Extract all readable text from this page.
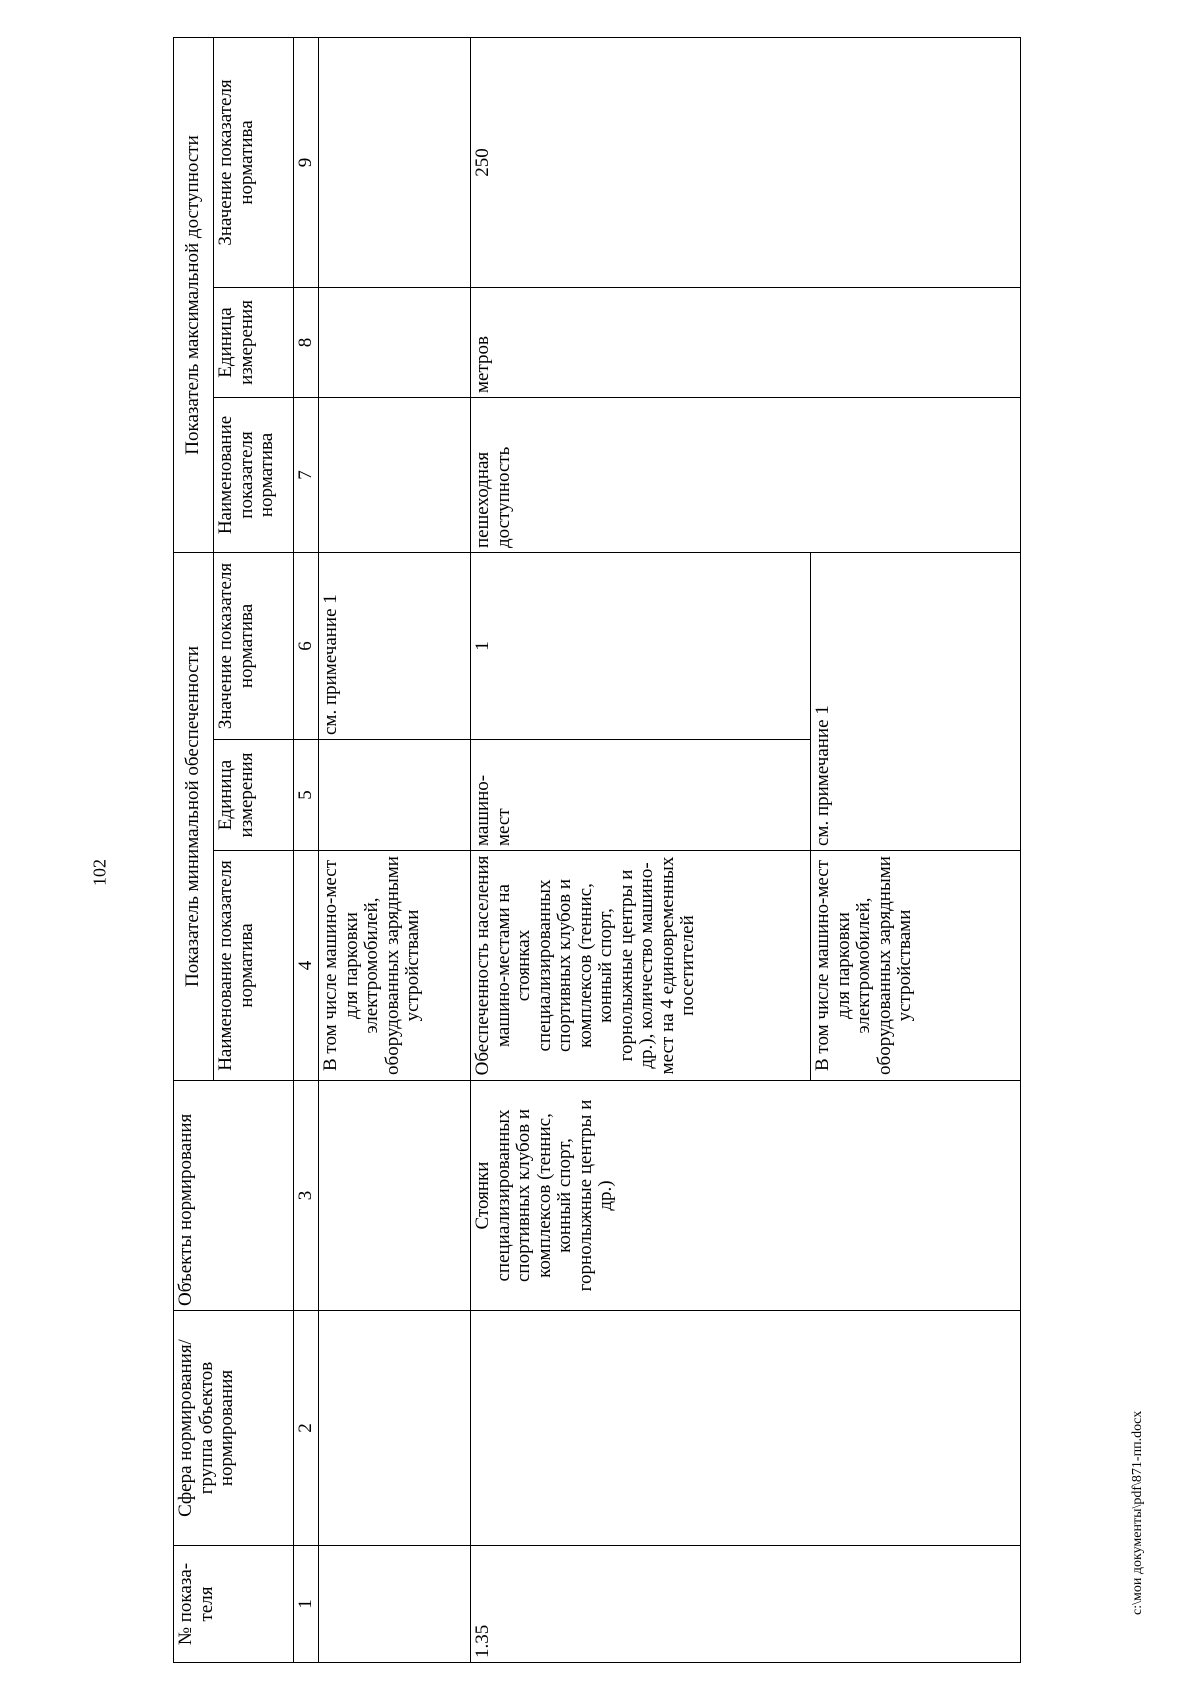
102
c:\мои документы\pdf\871-пп.docx
№ показа-теля	Сфера нормирования/ группа объектов нормирования	Объекты нормирования	Показатель минимальной обеспеченности			Показатель максимальной доступности		
			Наименование показателя норматива	Единица измерения	Значение показателя норматива	Наименование показателя норматива	Единица измерения	Значение показателя норматива
1	2	3	4	5	6	7	8	9
			В том числе машино-мест для парковки электромобилей, оборудованных зарядными устройствами		см. примечание 1			
1.35		Стоянки специализированных спортивных клубов и комплексов (теннис, конный спорт, горнолыжные центры и др.)	Обеспеченность населения машино-местами на стоянках специализированных спортивных клубов и комплексов (теннис, конный спорт, горнолыжные центры и др.), количество машино-мест на 4 единовременных посетителей	машино-мест	1	пешеходная доступность	метров	250
			В том числе машино-мест для парковки электромобилей, оборудованных зарядными устройствами	см. примечание 1				
